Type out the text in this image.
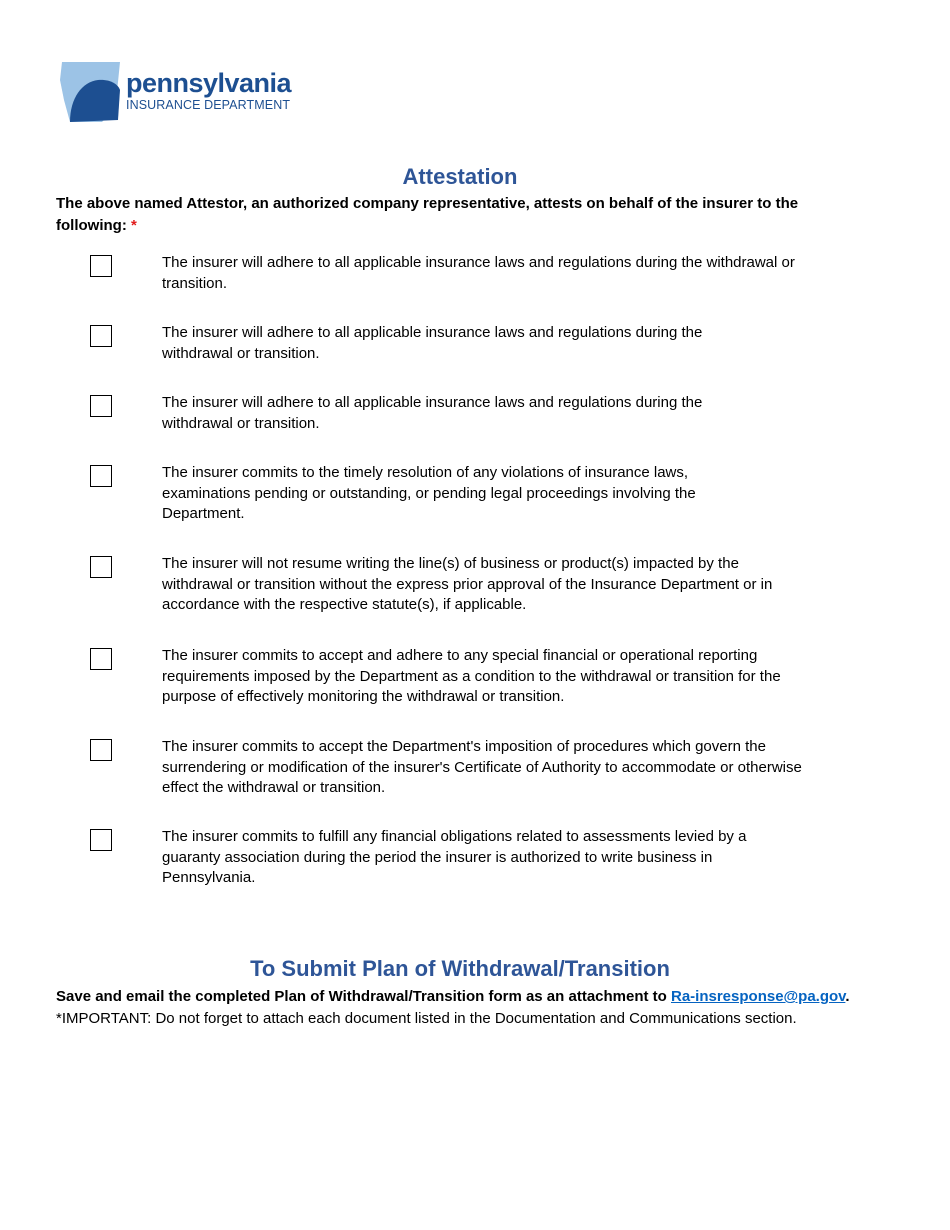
pennsylvania
INSURANCE DEPARTMENT
Attestation
The above named Attestor, an authorized company representative, attests on behalf of the insurer to the following: *
The insurer will adhere to all applicable insurance laws and regulations during the withdrawal or transition.
The insurer will adhere to all applicable insurance laws and regulations during the withdrawal or transition.
The insurer will adhere to all applicable insurance laws and regulations during the withdrawal or transition.
The insurer commits to the timely resolution of any violations of insurance laws, examinations pending or outstanding, or pending legal proceedings involving the Department.
The insurer will not resume writing the line(s) of business or product(s) impacted by the withdrawal or transition without the express prior approval of the Insurance Department or in accordance with the respective statute(s), if applicable.
The insurer commits to accept and adhere to any special financial or operational reporting requirements imposed by the Department as a condition to the withdrawal or transition for the purpose of effectively monitoring the withdrawal or transition.
The insurer commits to accept the Department's imposition of procedures which govern the surrendering or modification of the insurer's Certificate of Authority to accommodate or otherwise effect the withdrawal or transition.
The insurer commits to fulfill any financial obligations related to assessments levied by a guaranty association during the period the insurer is authorized to write business in Pennsylvania.
To Submit Plan of Withdrawal/Transition
Save and email the completed Plan of Withdrawal/Transition form as an attachment to Ra-insresponse@pa.gov.
*IMPORTANT: Do not forget to attach each document listed in the Documentation and Communications section.
